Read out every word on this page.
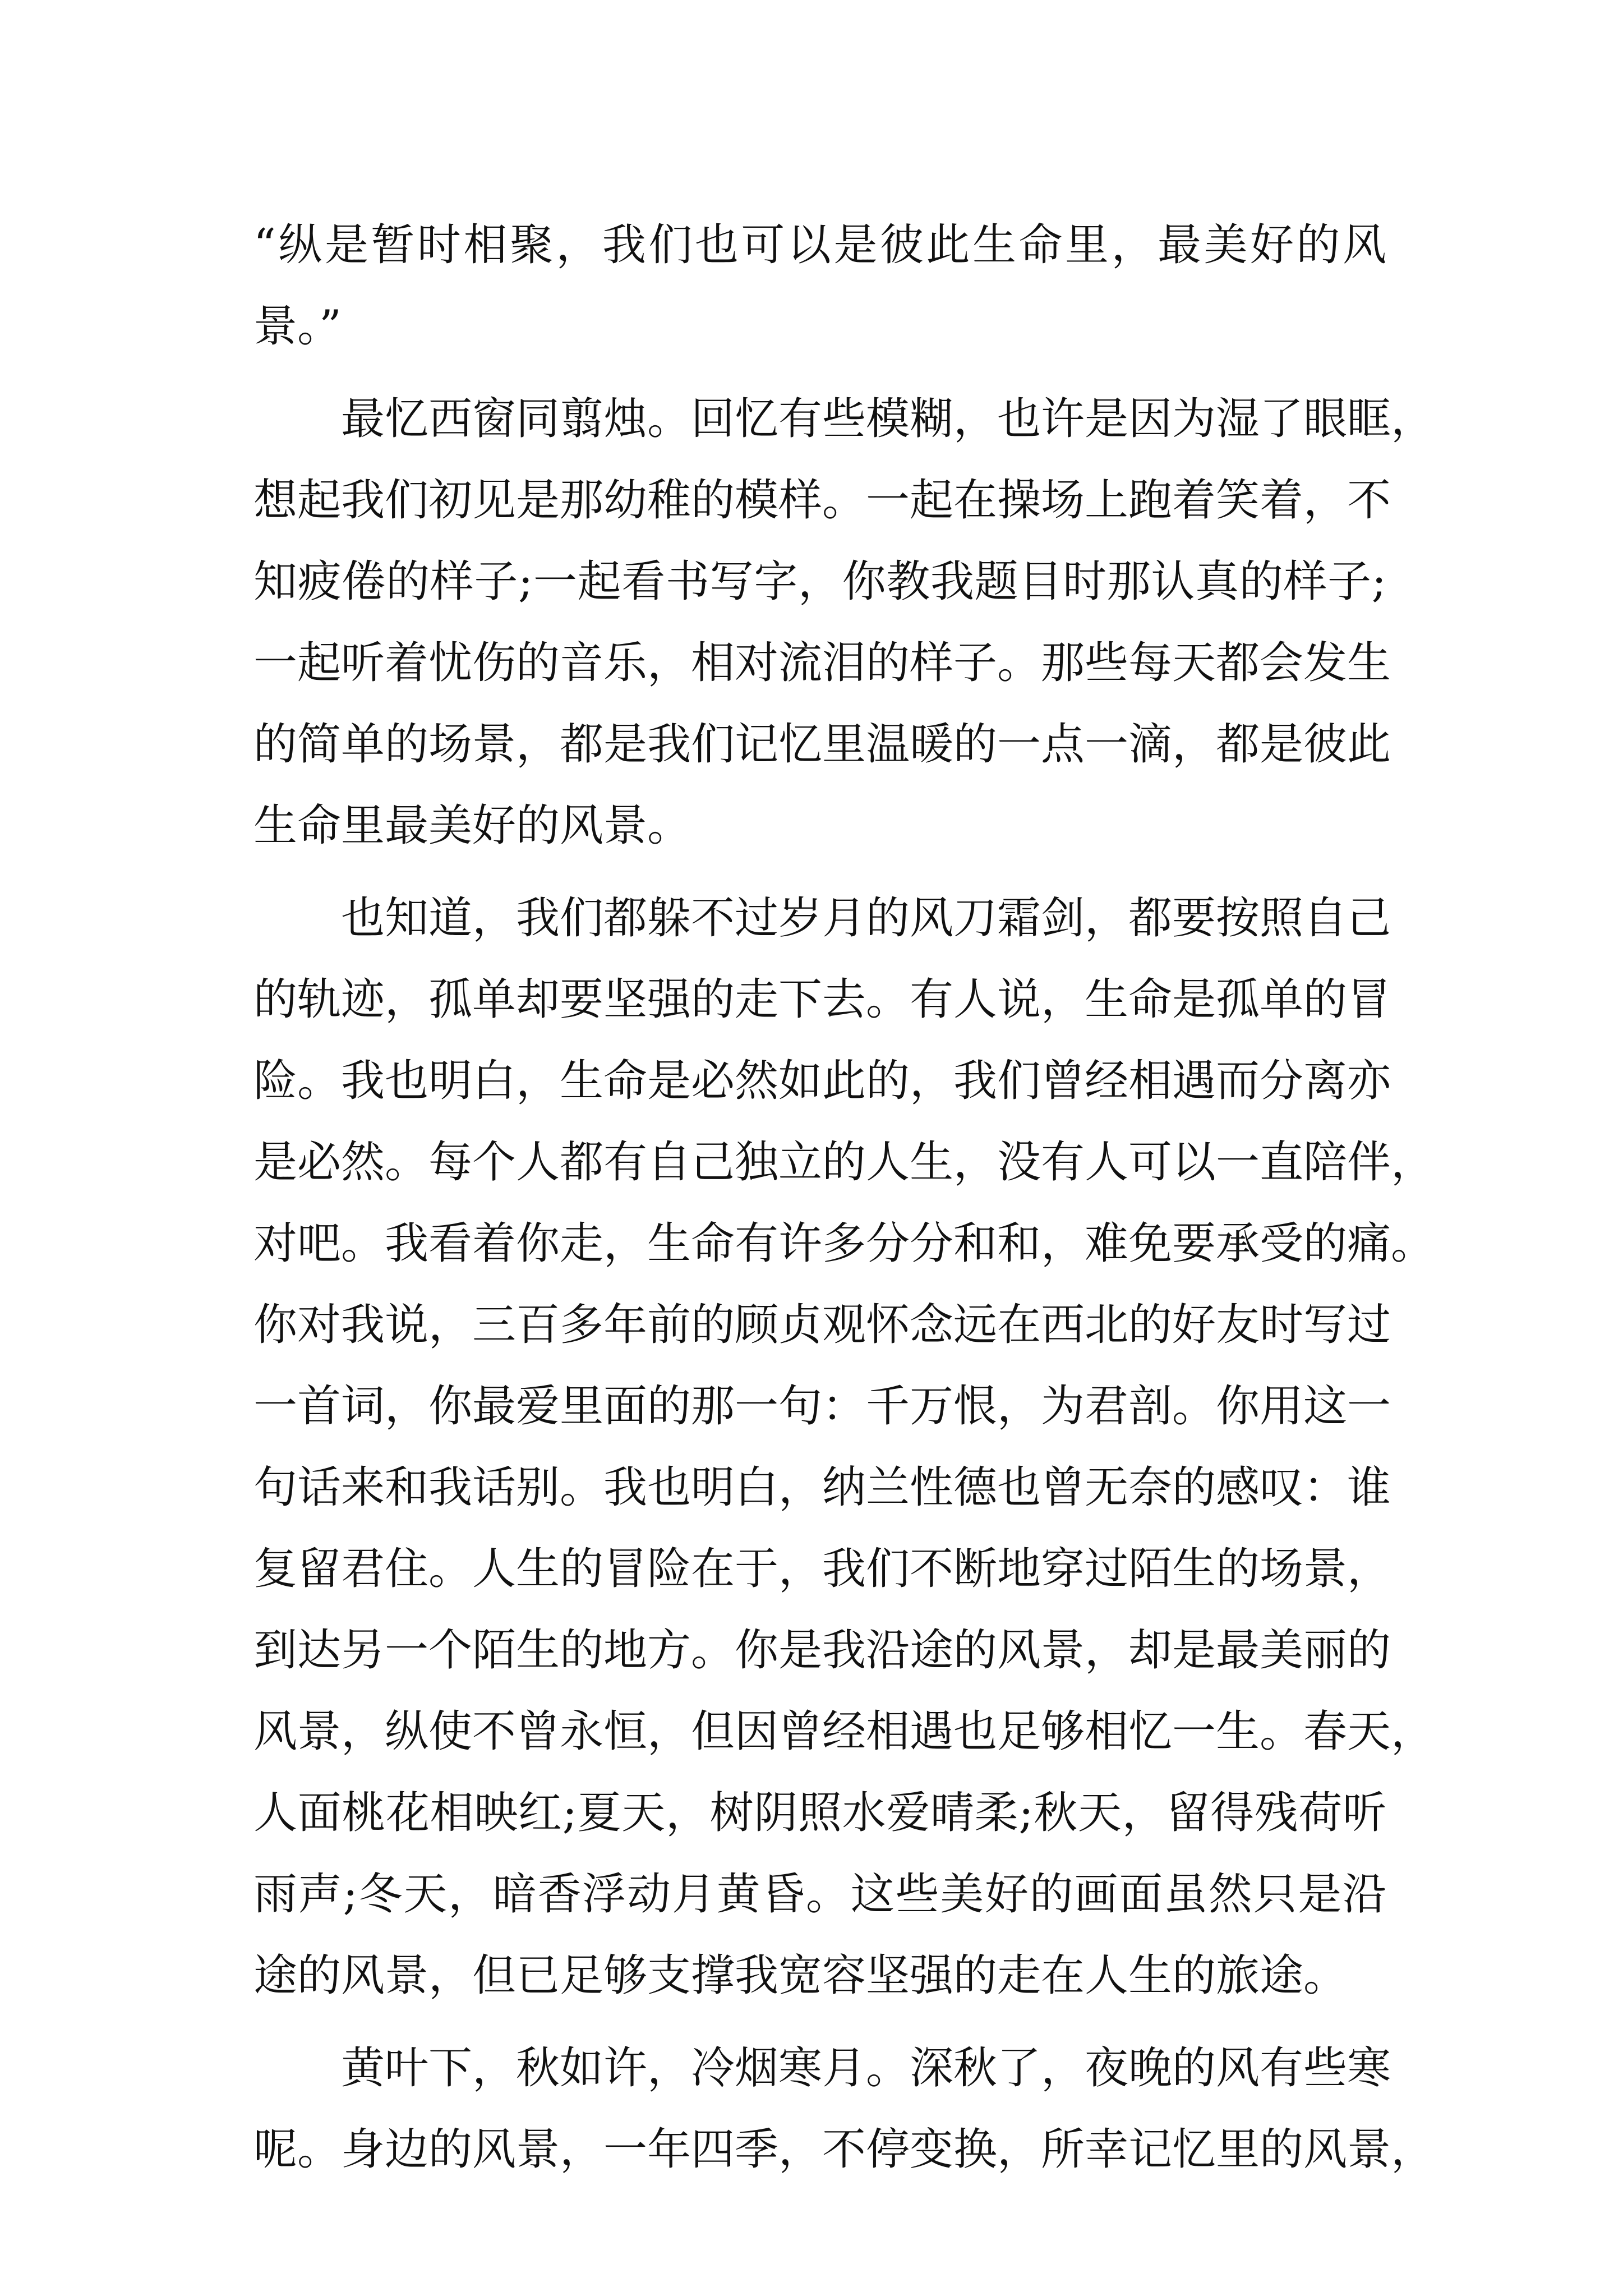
“纵是暂时相聚，我们也可以是彼此生命里，最美好的风
景。”
最忆西窗同翦烛。回忆有些模糊，也许是因为湿了眼眶，
想起我们初见是那幼稚的模样。一起在操场上跑着笑着，不
知疲倦的样子;一起看书写字，你教我题目时那认真的样子;
一起听着忧伤的音乐，相对流泪的样子。那些每天都会发生
的简单的场景，都是我们记忆里温暖的一点一滴，都是彼此
生命里最美好的风景。
也知道，我们都躲不过岁月的风刀霜剑，都要按照自己
的轨迹，孤单却要坚强的走下去。有人说，生命是孤单的冒
险。我也明白，生命是必然如此的，我们曾经相遇而分离亦
是必然。每个人都有自己独立的人生，没有人可以一直陪伴，
对吧。我看着你走，生命有许多分分和和，难免要承受的痛。
你对我说，三百多年前的顾贞观怀念远在西北的好友时写过
一首词，你最爱里面的那一句：千万恨，为君剖。你用这一
句话来和我话别。我也明白，纳兰性德也曾无奈的感叹：谁
复留君住。人生的冒险在于，我们不断地穿过陌生的场景，
到达另一个陌生的地方。你是我沿途的风景，却是最美丽的
风景，纵使不曾永恒，但因曾经相遇也足够相忆一生。春天，
人面桃花相映红;夏天，树阴照水爱晴柔;秋天，留得残荷听
雨声;冬天，暗香浮动月黄昏。这些美好的画面虽然只是沿
途的风景，但已足够支撑我宽容坚强的走在人生的旅途。
黄叶下，秋如许，冷烟寒月。深秋了，夜晚的风有些寒
呢。身边的风景，一年四季，不停变换，所幸记忆里的风景，
